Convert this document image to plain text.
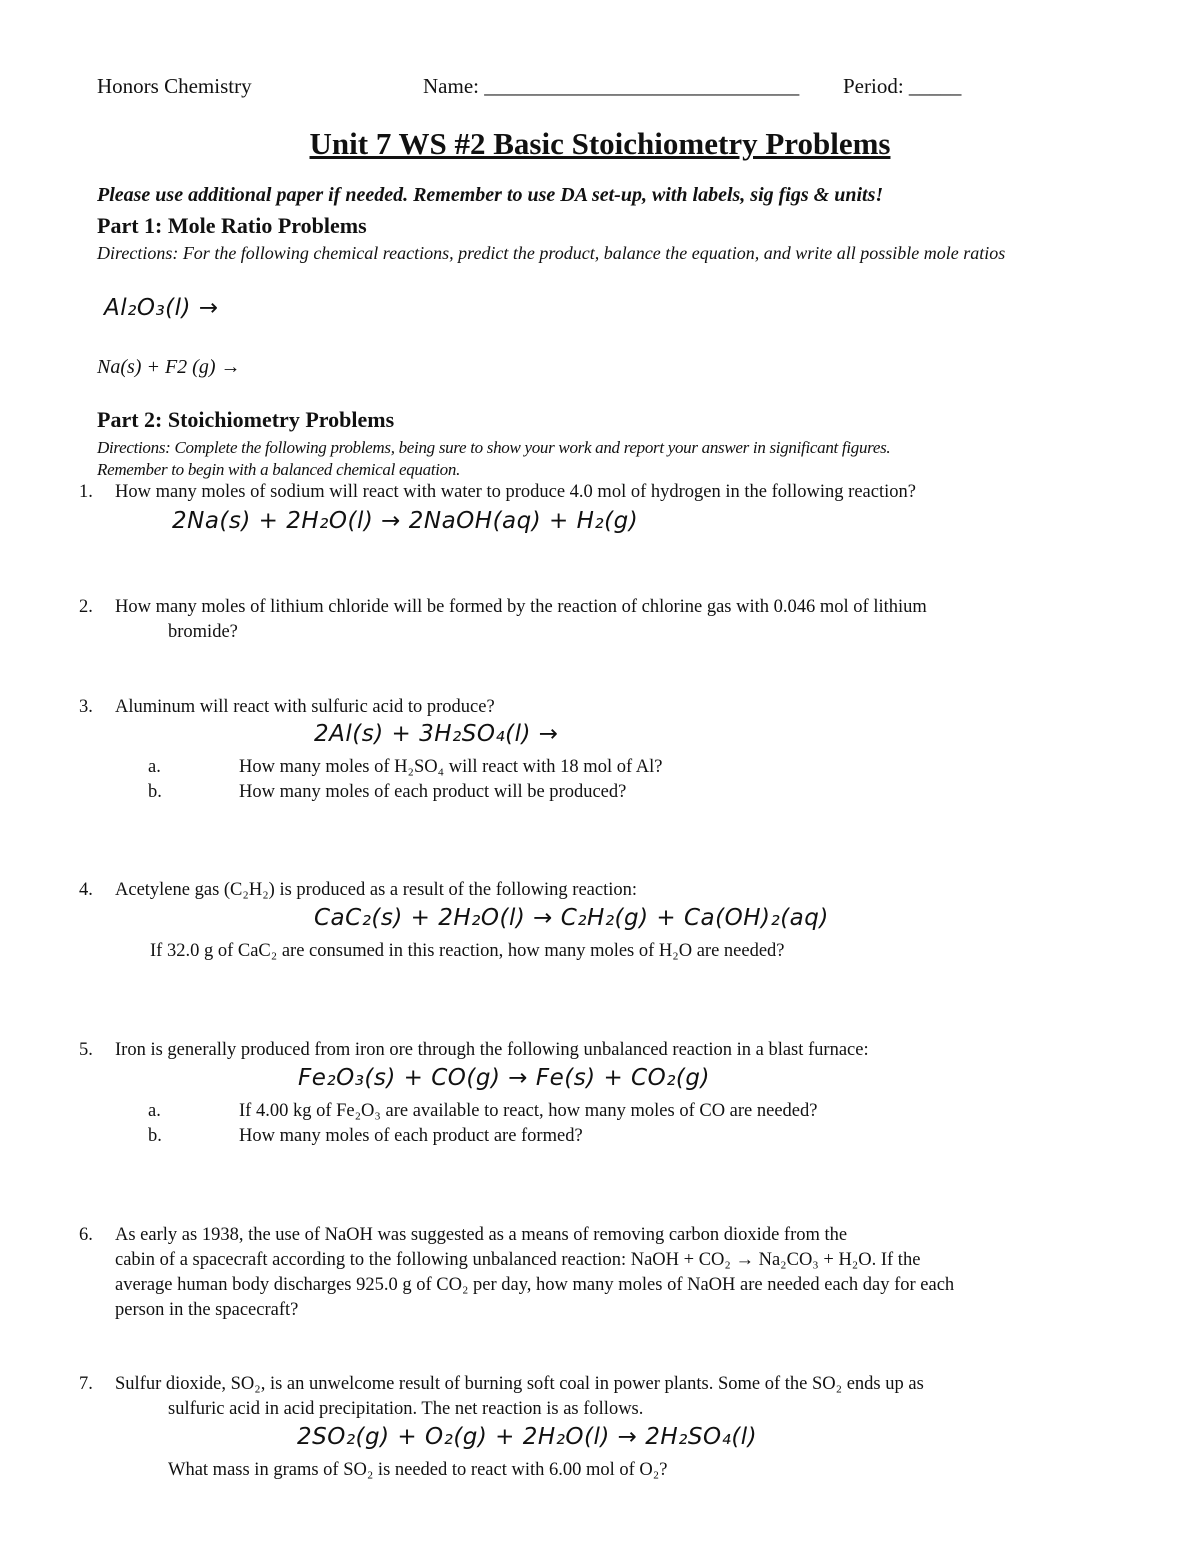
Honors Chemistry	Name: ______________________________ Period: _____
Unit 7 WS #2 Basic Stoichiometry Problems
Please use additional paper if needed. Remember to use DA set-up, with labels, sig figs & units!
Part 1: Mole Ratio Problems
Directions: For the following chemical reactions, predict the product, balance the equation, and write all possible mole ratios
Al₂O₃(l) →
Na(s) + F2 (g) →
Part 2: Stoichiometry Problems
Directions: Complete the following problems, being sure to show your work and report your answer in significant figures.
Remember to begin with a balanced chemical equation.
1. How many moles of sodium will react with water to produce 4.0 mol of hydrogen in the following reaction?
2Na(s) + 2H₂O(l) → 2NaOH(aq) + H₂(g)
2. How many moles of lithium chloride will be formed by the reaction of chlorine gas with 0.046 mol of lithium
bromide?
3. Aluminum will react with sulfuric acid to produce?
2Al(s) + 3H₂SO₄(l) →
a.	How many moles of H₂SO₄ will react with 18 mol of Al?
b.	How many moles of each product will be produced?
4. Acetylene gas (C₂H₂) is produced as a result of the following reaction:
CaC₂(s) + 2H₂O(l) → C₂H₂(g) + Ca(OH)₂(aq)
If 32.0 g of CaC₂ are consumed in this reaction, how many moles of H₂O are needed?
5. Iron is generally produced from iron ore through the following unbalanced reaction in a blast furnace:
Fe₂O₃(s) + CO(g) → Fe(s) + CO₂(g)
a.	If 4.00 kg of Fe₂O₃ are available to react, how many moles of CO are needed?
b.	How many moles of each product are formed?
6. As early as 1938, the use of NaOH was suggested as a means of removing carbon dioxide from the
cabin of a spacecraft according to the following unbalanced reaction: NaOH + CO₂ → Na₂CO₃ + H₂O. If the
average human body discharges 925.0 g of CO₂ per day, how many moles of NaOH are needed each day for each
person in the spacecraft?
7. Sulfur dioxide, SO₂, is an unwelcome result of burning soft coal in power plants. Some of the SO₂ ends up as
sulfuric acid in acid precipitation. The net reaction is as follows.
2SO₂(g) + O₂(g) + 2H₂O(l) → 2H₂SO₄(l)
What mass in grams of SO₂ is needed to react with 6.00 mol of O₂?
